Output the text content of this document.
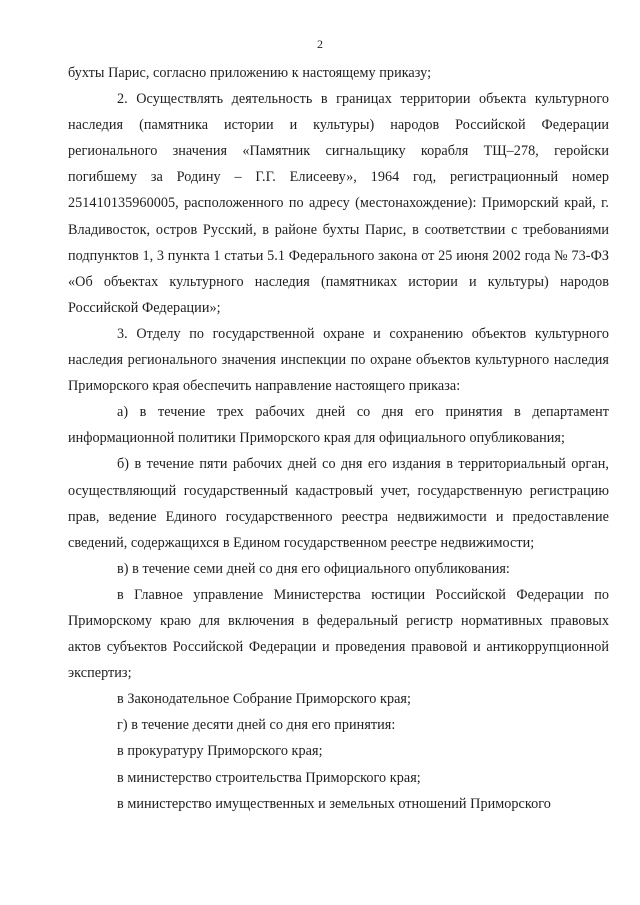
2

бухты Парис, согласно приложению к настоящему приказу;

2. Осуществлять деятельность в границах территории объекта культурного наследия (памятника истории и культуры) народов Российской Федерации регионального значения «Памятник сигнальщику корабля ТЩ–278, геройски погибшему за Родину – Г.Г. Елисееву», 1964 год, регистрационный номер 251410135960005, расположенного по адресу (местонахождение): Приморский край, г. Владивосток, остров Русский, в районе бухты Парис, в соответствии с требованиями подпунктов 1, 3 пункта 1 статьи 5.1 Федерального закона от 25 июня 2002 года № 73-ФЗ «Об объектах культурного наследия (памятниках истории и культуры) народов Российской Федерации»;

3. Отделу по государственной охране и сохранению объектов культурного наследия регионального значения инспекции по охране объектов культурного наследия Приморского края обеспечить направление настоящего приказа:

а) в течение трех рабочих дней со дня его принятия в департамент информационной политики Приморского края для официального опубликования;

б) в течение пяти рабочих дней со дня его издания в территориальный орган, осуществляющий государственный кадастровый учет, государственную регистрацию прав, ведение Единого государственного реестра недвижимости и предоставление сведений, содержащихся в Едином государственном реестре недвижимости;

в) в течение семи дней со дня его официального опубликования:

в Главное управление Министерства юстиции Российской Федерации по Приморскому краю для включения в федеральный регистр нормативных правовых актов субъектов Российской Федерации и проведения правовой и антикоррупционной экспертиз;

в Законодательное Собрание Приморского края;

г) в течение десяти дней со дня его принятия:

в прокуратуру Приморского края;

в министерство строительства Приморского края;

в министерство имущественных и земельных отношений Приморского
